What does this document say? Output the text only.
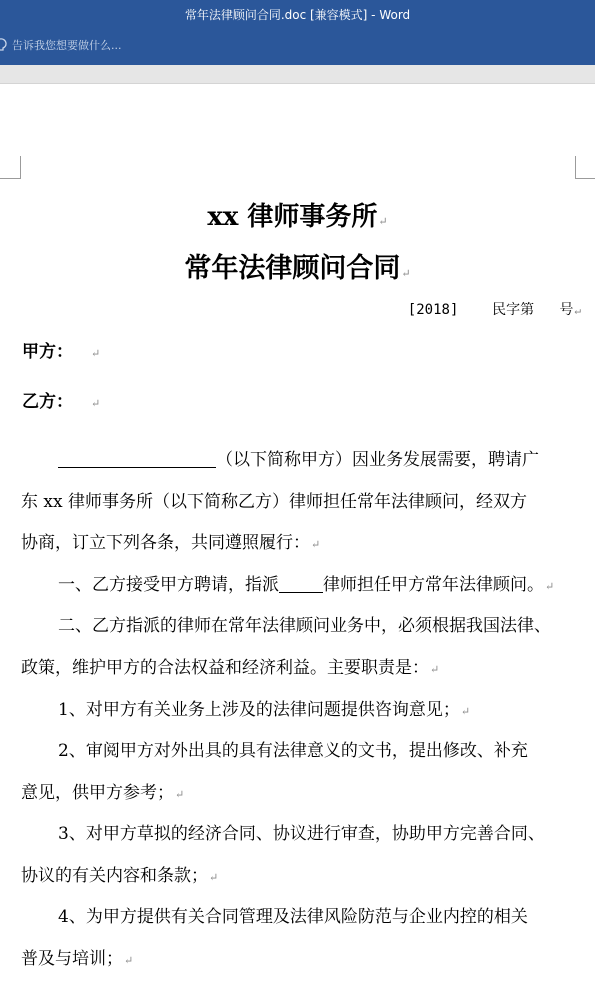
常年法律顾问合同.doc [兼容模式] - Word
告诉我您想要做什么...
xx 律师事务所↵
常年法律顾问合同↵
[2018]    民字第   号↵
甲方： ↵
乙方： ↵
（以下简称甲方）因业务发展需要，聘请广
东 xx 律师事务所（以下简称乙方）律师担任常年法律顾问，经双方
协商，订立下列各条，共同遵照履行：↵
一、乙方接受甲方聘请，指派	律师担任甲方常年法律顾问。↵
二、乙方指派的律师在常年法律顾问业务中，必须根据我国法律、
政策，维护甲方的合法权益和经济利益。主要职责是：↵
1、对甲方有关业务上涉及的法律问题提供咨询意见；↵
2、审阅甲方对外出具的具有法律意义的文书，提出修改、补充
意见，供甲方参考；↵
3、对甲方草拟的经济合同、协议进行审查，协助甲方完善合同、
协议的有关内容和条款；↵
4、为甲方提供有关合同管理及法律风险防范与企业内控的相关
普及与培训；↵
